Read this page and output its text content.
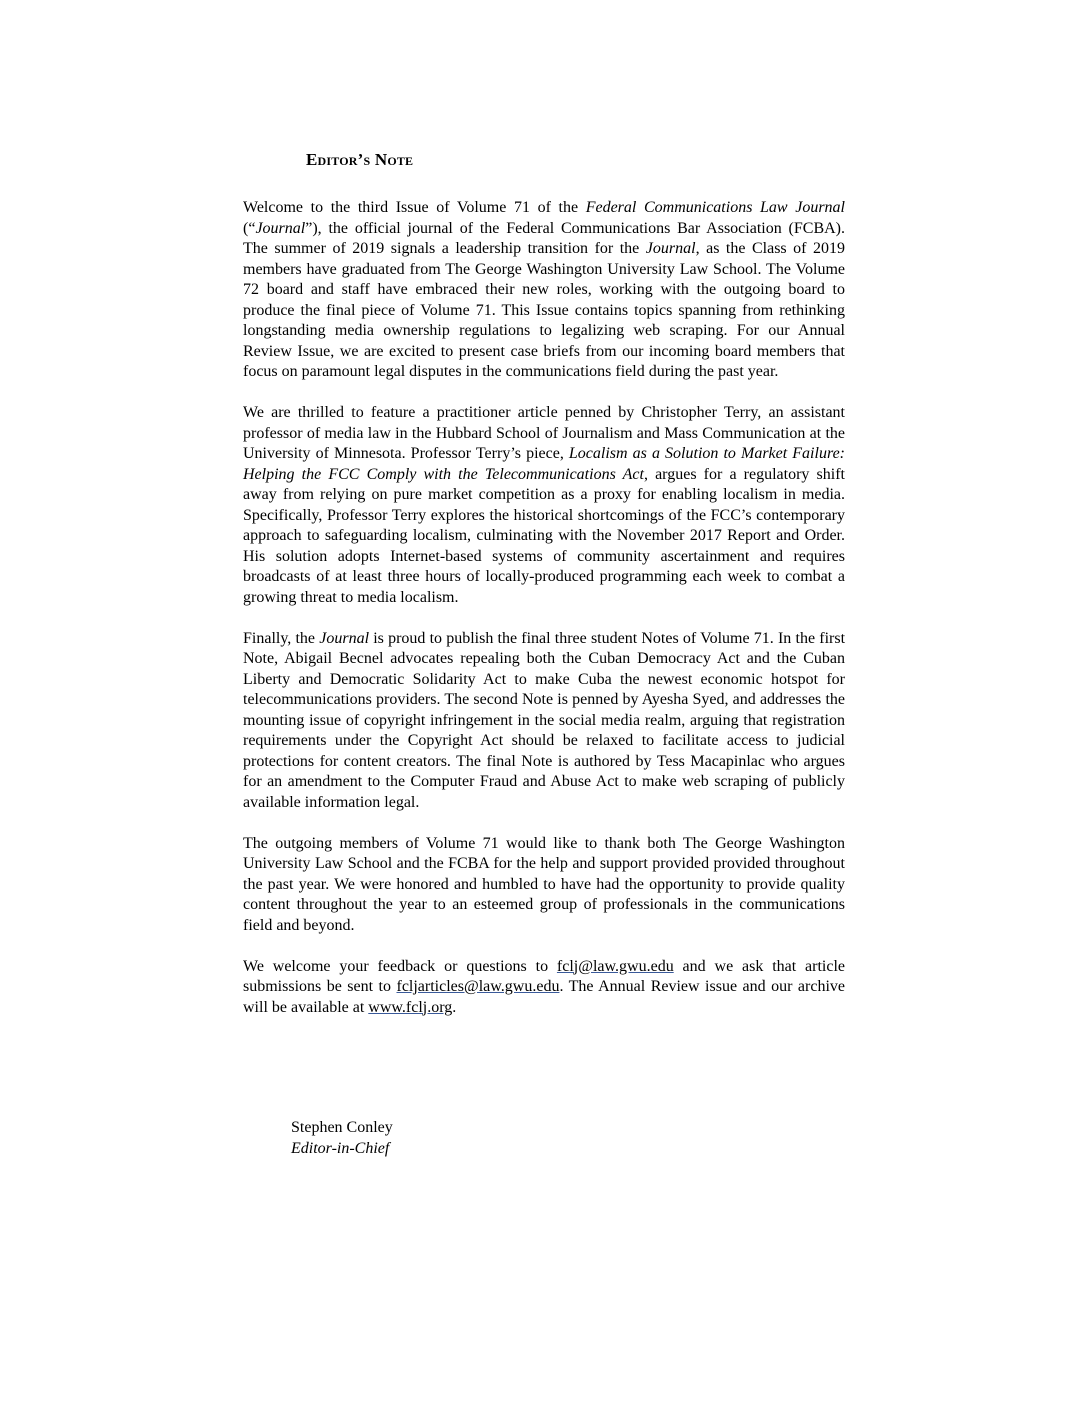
Editor’s Note

Welcome to the third Issue of Volume 71 of the Federal Communications Law Journal (“Journal”), the official journal of the Federal Communications Bar Association (FCBA). The summer of 2019 signals a leadership transition for the Journal, as the Class of 2019 members have graduated from The George Washington University Law School. The Volume 72 board and staff have embraced their new roles, working with the outgoing board to produce the final piece of Volume 71. This Issue contains topics spanning from rethinking longstanding media ownership regulations to legalizing web scraping. For our Annual Review Issue, we are excited to present case briefs from our incoming board members that focus on paramount legal disputes in the communications field during the past year.

We are thrilled to feature a practitioner article penned by Christopher Terry, an assistant professor of media law in the Hubbard School of Journalism and Mass Communication at the University of Minnesota. Professor Terry’s piece, Localism as a Solution to Market Failure: Helping the FCC Comply with the Telecommunications Act, argues for a regulatory shift away from relying on pure market competition as a proxy for enabling localism in media. Specifically, Professor Terry explores the historical shortcomings of the FCC’s contemporary approach to safeguarding localism, culminating with the November 2017 Report and Order. His solution adopts Internet-based systems of community ascertainment and requires broadcasts of at least three hours of locally-produced programming each week to combat a growing threat to media localism.

Finally, the Journal is proud to publish the final three student Notes of Volume 71. In the first Note, Abigail Becnel advocates repealing both the Cuban Democracy Act and the Cuban Liberty and Democratic Solidarity Act to make Cuba the newest economic hotspot for telecommunications providers. The second Note is penned by Ayesha Syed, and addresses the mounting issue of copyright infringement in the social media realm, arguing that registration requirements under the Copyright Act should be relaxed to facilitate access to judicial protections for content creators. The final Note is authored by Tess Macapinlac who argues for an amendment to the Computer Fraud and Abuse Act to make web scraping of publicly available information legal.

The outgoing members of Volume 71 would like to thank both The George Washington University Law School and the FCBA for the help and support provided provided throughout the past year. We were honored and humbled to have had the opportunity to provide quality content throughout the year to an esteemed group of professionals in the communications field and beyond.

We welcome your feedback or questions to fclj@law.gwu.edu and we ask that article submissions be sent to fcljarticles@law.gwu.edu. The Annual Review issue and our archive will be available at www.fclj.org.

Stephen Conley
Editor-in-Chief
